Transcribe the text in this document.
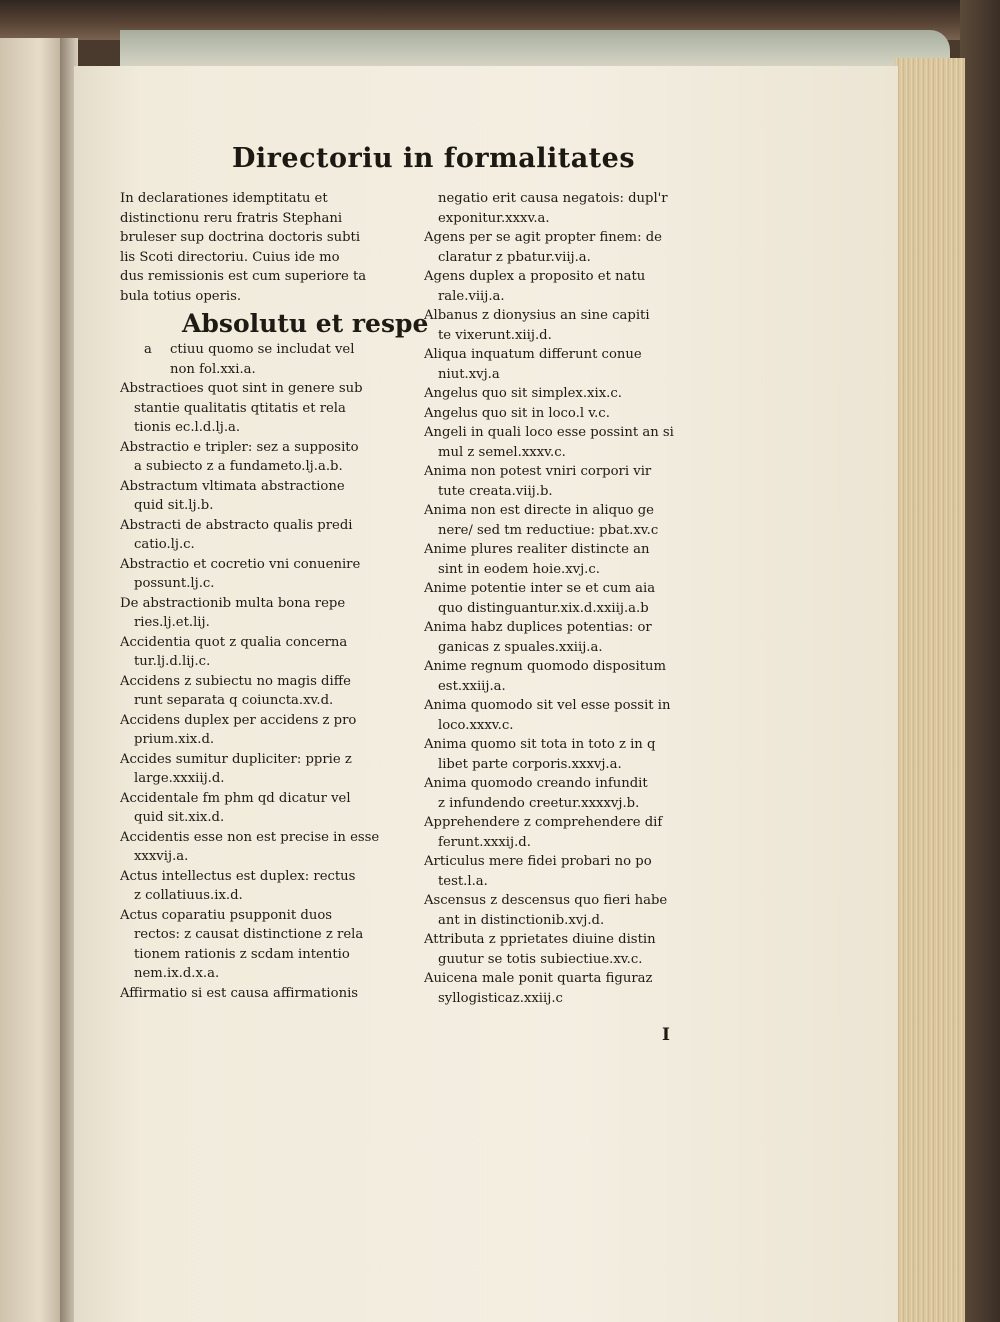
Directoriu in formalitates
In declarationes idemptitatu et
distinctionu reru fratris Stephani
bruleser sup doctrina doctoris subti
lis Scoti directoriu. Cuius ide mo
dus remissionis est cum superiore ta
bula totius operis.
Absolutu et respe
a ctiuu quomo se includat vel
non fol.xxi.a.
Abstractioes quot sint in genere sub
stantie qualitatis qtitatis et rela
tionis ec.l.d.lj.a.
Abstractio e tripler: sez a supposito
a subiecto z a fundameto.lj.a.b.
Abstractum vltimata abstractione
quid sit.lj.b.
Abstracti de abstracto qualis predi
catio.lj.c.
Abstractio et cocretio vni conuenire
possunt.lj.c.
De abstractionib multa bona repe
ries.lj.et.lij.
Accidentia quot z qualia concerna
tur.lj.d.lij.c.
Accidens z subiectu no magis diffe
runt separata q coiuncta.xv.d.
Accidens duplex per accidens z pro
prium.xix.d.
Accides sumitur dupliciter: pprie z
large.xxxiij.d.
Accidentale fm phm qd dicatur vel
quid sit.xix.d.
Accidentis esse non est precise in esse
xxxvij.a.
Actus intellectus est duplex: rectus
z collatiuus.ix.d.
Actus coparatiu psupponit duos
rectos: z causat distinctione z rela
tionem rationis z scdam intentio
nem.ix.d.x.a.
Affirmatio si est causa affirmationis
negatio erit causa negatois: dupl'r
exponitur.xxxv.a.
Agens per se agit propter finem: de
claratur z pbatur.viij.a.
Agens duplex a proposito et natu
rale.viij.a.
Albanus z dionysius an sine capiti
te vixerunt.xiij.d.
Aliqua inquatum differunt conue
niut.xvj.a
Angelus quo sit simplex.xix.c.
Angelus quo sit in loco.l v.c.
Angeli in quali loco esse possint an si
mul z semel.xxxv.c.
Anima non potest vniri corpori vir
tute creata.viij.b.
Anima non est directe in aliquo ge
nere/ sed tm reductiue: pbat.xv.c
Anime plures realiter distincte an
sint in eodem hoie.xvj.c.
Anime potentie inter se et cum aia
quo distinguantur.xix.d.xxiij.a.b
Anima habz duplices potentias: or
ganicas z spuales.xxiij.a.
Anime regnum quomodo dispositum est.xxiij.a.
Anima quomodo sit vel esse possit in
loco.xxxv.c.
Anima quomo sit tota in toto z in q
libet parte corporis.xxxvj.a.
Anima quomodo creando infundit
z infundendo creetur.xxxxvj.b.
Apprehendere z comprehendere dif
ferunt.xxxij.d.
Articulus mere fidei probari no po
test.l.a.
Ascensus z descensus quo fieri habe
ant in distinctionib.xvj.d.
Attributa z pprietates diuine distin
guutur se totis subiectiue.xv.c.
Auicena male ponit quarta figuraz
syllogisticaz.xxiij.c
I
